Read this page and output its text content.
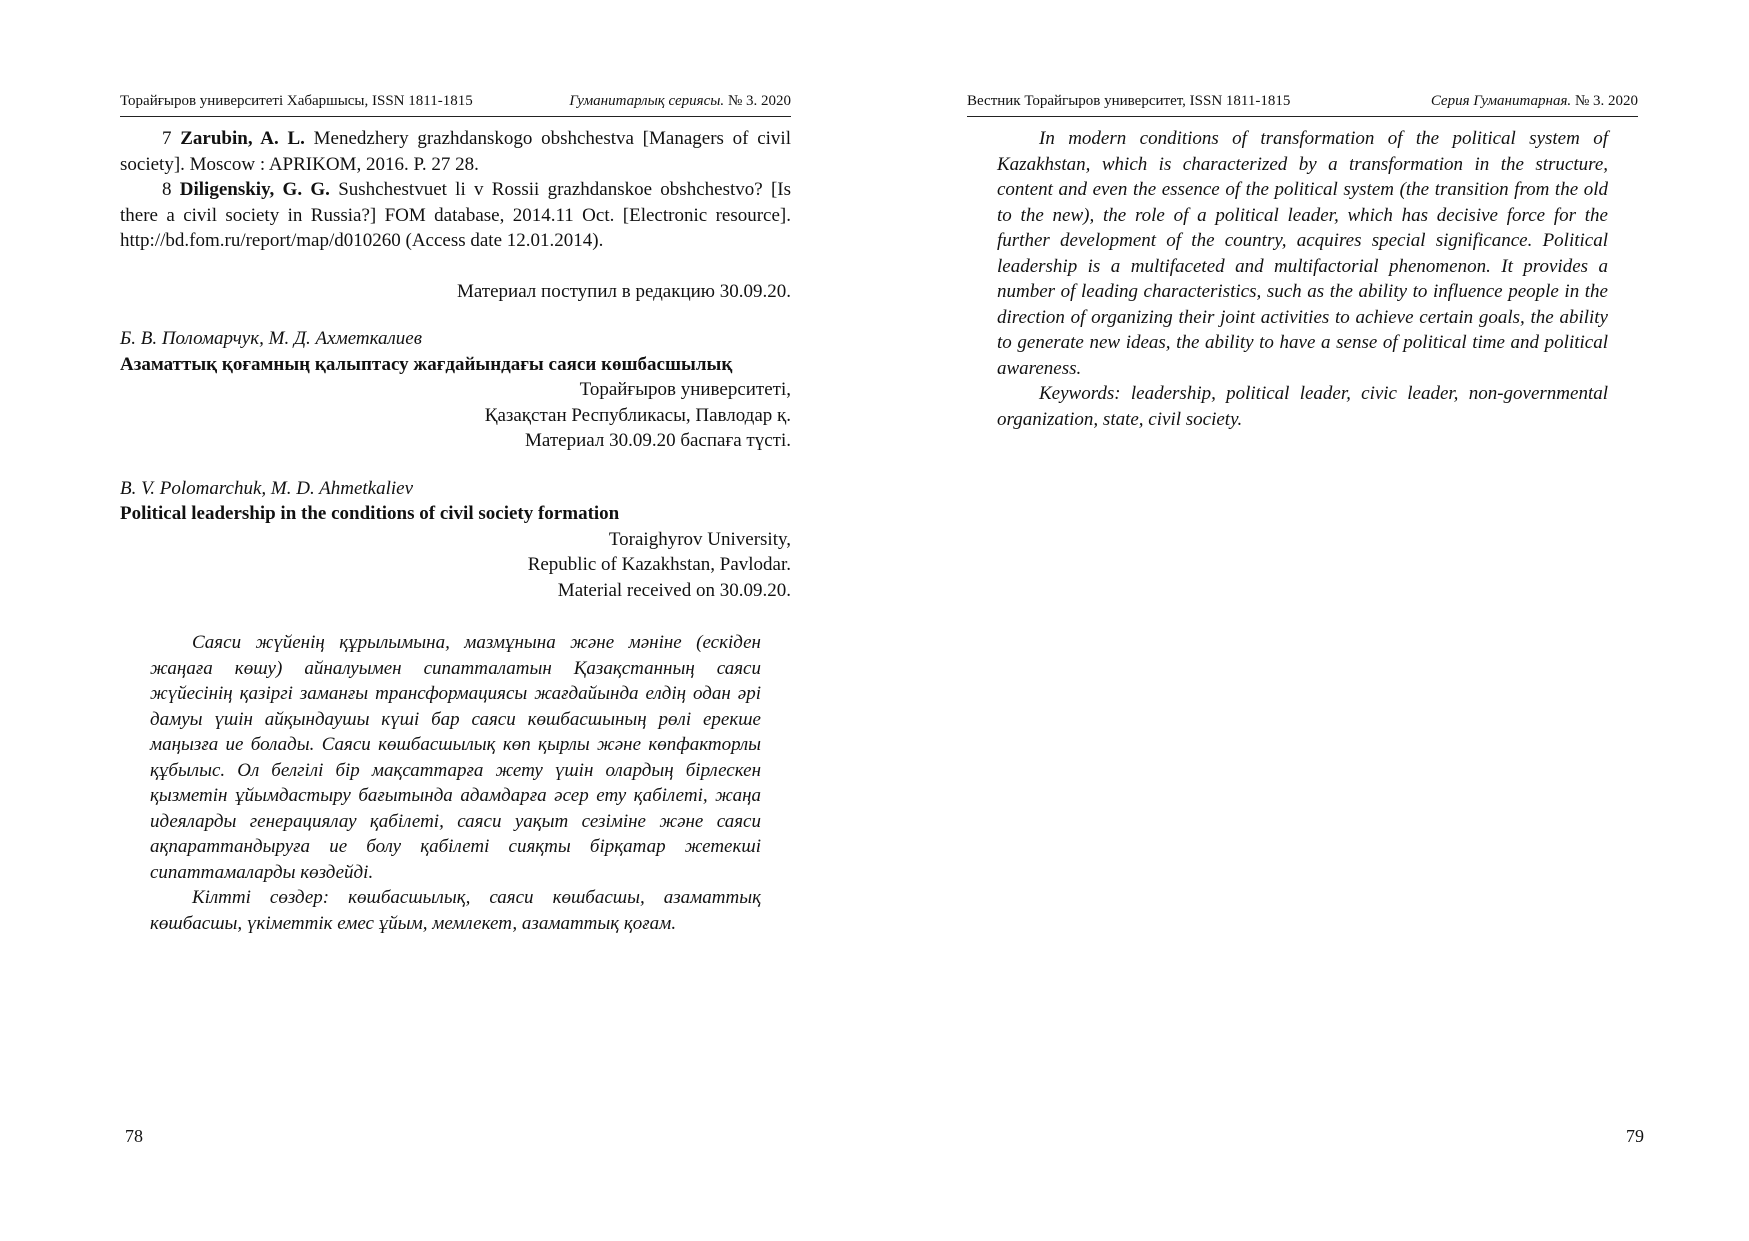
Торайғыров университеті Хабаршысы, ISSN 1811-1815	Гуманитарлық сериясы. № 3. 2020

7 Zarubin, A. L. Menedzhery grazhdanskogo obshchestva [Managers of civil society]. Moscow : APRIKOM, 2016. P. 27 28.

8 Diligenskiy, G. G. Sushchestvuet li v Rossii grazhdanskoe obshchestvo? [Is there a civil society in Russia?] FOM database, 2014.11 Oct. [Electronic resource]. http://bd.fom.ru/report/map/d010260 (Access date 12.01.2014).

Материал поступил в редакцию 30.09.20.

Б. В. Поломарчук, М. Д. Ахметкалиев

Азаматтық қоғамның қалыптасу жағдайындағы саяси көшбасшылық

Торайғыров университеті,

Қазақстан Республикасы, Павлодар қ.

Материал 30.09.20 баспаға түсті.

B. V. Polomarchuk, M. D. Ahmetkaliev

Political leadership in the conditions of civil society formation

Toraighyrov University,

Republic of Kazakhstan, Pavlodar.

Material received on 30.09.20.

Саяси жүйенің құрылымына, мазмұнына және мәніне (ескіден жаңаға көшу) айналуымен сипатталатын Қазақстанның саяси жүйесінің қазіргі заманғы трансформациясы жағдайында елдің одан әрі дамуы үшін айқындаушы күші бар саяси көшбасшының рөлі ерекше маңызға ие болады. Саяси көшбасшылық көп қырлы және көпфакторлы құбылыс. Ол белгілі бір мақсаттарға жету үшін олардың бірлескен қызметін ұйымдастыру бағытында адамдарға әсер ету қабілеті, жаңа идеяларды генерациялау қабілеті, саяси уақыт сезіміне және саяси ақпараттандыруға ие болу қабілеті сияқты бірқатар жетекші сипаттамаларды көздейді.

Кілтті сөздер: көшбасшылық, саяси көшбасшы, азаматтық көшбасшы, үкіметтік емес ұйым, мемлекет, азаматтық қоғам.

78
Вестник Торайгыров университет, ISSN 1811-1815	Серия Гуманитарная. № 3. 2020

In modern conditions of transformation of the political system of Kazakhstan, which is characterized by a transformation in the structure, content and even the essence of the political system (the transition from the old to the new), the role of a political leader, which has decisive force for the further development of the country, acquires special significance. Political leadership is a multifaceted and multifactorial phenomenon. It provides a number of leading characteristics, such as the ability to influence people in the direction of organizing their joint activities to achieve certain goals, the ability to generate new ideas, the ability to have a sense of political time and political awareness.

Keywords: leadership, political leader, civic leader, non-governmental organization, state, civil society.

79
